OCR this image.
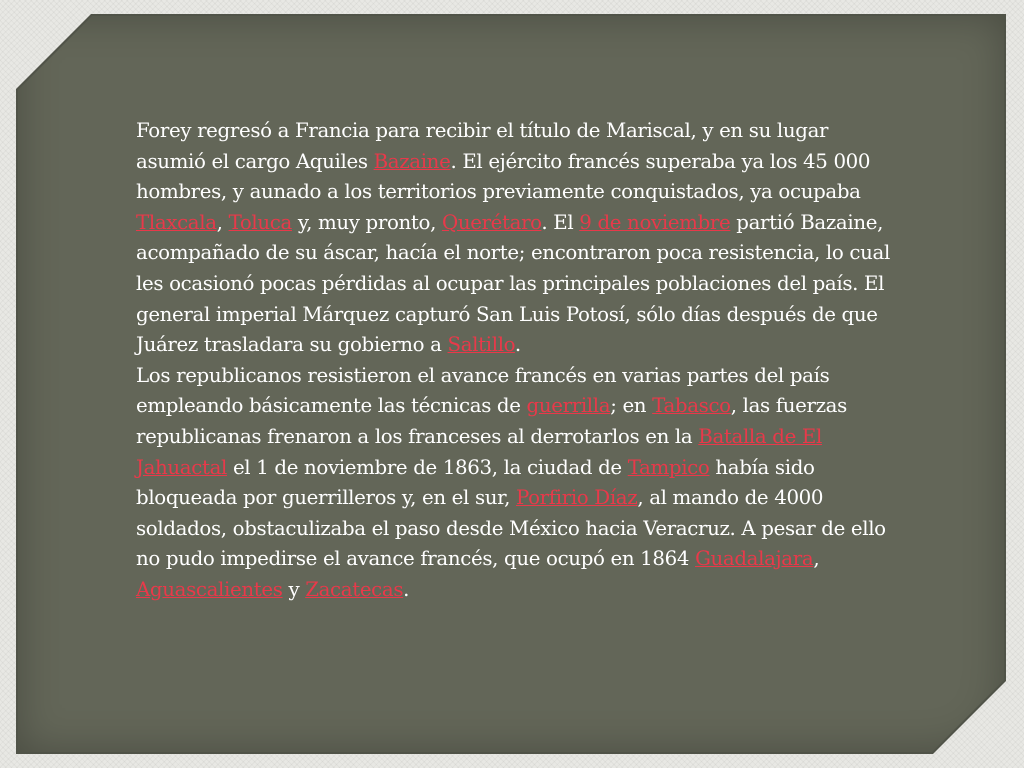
Forey regresó a Francia para recibir el título de Mariscal, y en su lugar asumió el cargo Aquiles Bazaine. El ejército francés superaba ya los 45 000 hombres, y aunado a los territorios previamente conquistados, ya ocupaba Tlaxcala, Toluca y, muy pronto, Querétaro. El 9 de noviembre partió Bazaine, acompañado de su áscar, hacía el norte; encontraron poca resistencia, lo cual les ocasionó pocas pérdidas al ocupar las principales poblaciones del país. El general imperial Márquez capturó San Luis Potosí, sólo días después de que Juárez trasladara su gobierno a Saltillo.

Los republicanos resistieron el avance francés en varias partes del país empleando básicamente las técnicas de guerrilla; en Tabasco, las fuerzas republicanas frenaron a los franceses al derrotarlos en la Batalla de El Jahuactal el 1 de noviembre de 1863, la ciudad de Tampico había sido bloqueada por guerrilleros y, en el sur, Porfirio Díaz, al mando de 4000 soldados, obstaculizaba el paso desde México hacia Veracruz. A pesar de ello no pudo impedirse el avance francés, que ocupó en 1864 Guadalajara, Aguascalientes y Zacatecas.
